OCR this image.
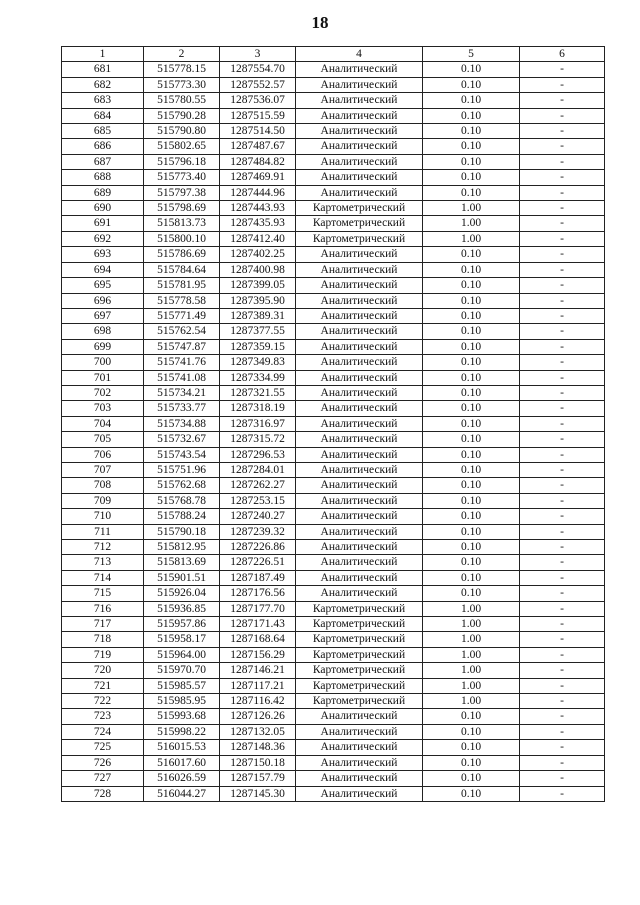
18
1	2	3	4	5	6
681	515778.15	1287554.70	Аналитический	0.10	-
682	515773.30	1287552.57	Аналитический	0.10	-
683	515780.55	1287536.07	Аналитический	0.10	-
684	515790.28	1287515.59	Аналитический	0.10	-
685	515790.80	1287514.50	Аналитический	0.10	-
686	515802.65	1287487.67	Аналитический	0.10	-
687	515796.18	1287484.82	Аналитический	0.10	-
688	515773.40	1287469.91	Аналитический	0.10	-
689	515797.38	1287444.96	Аналитический	0.10	-
690	515798.69	1287443.93	Картометрический	1.00	-
691	515813.73	1287435.93	Картометрический	1.00	-
692	515800.10	1287412.40	Картометрический	1.00	-
693	515786.69	1287402.25	Аналитический	0.10	-
694	515784.64	1287400.98	Аналитический	0.10	-
695	515781.95	1287399.05	Аналитический	0.10	-
696	515778.58	1287395.90	Аналитический	0.10	-
697	515771.49	1287389.31	Аналитический	0.10	-
698	515762.54	1287377.55	Аналитический	0.10	-
699	515747.87	1287359.15	Аналитический	0.10	-
700	515741.76	1287349.83	Аналитический	0.10	-
701	515741.08	1287334.99	Аналитический	0.10	-
702	515734.21	1287321.55	Аналитический	0.10	-
703	515733.77	1287318.19	Аналитический	0.10	-
704	515734.88	1287316.97	Аналитический	0.10	-
705	515732.67	1287315.72	Аналитический	0.10	-
706	515743.54	1287296.53	Аналитический	0.10	-
707	515751.96	1287284.01	Аналитический	0.10	-
708	515762.68	1287262.27	Аналитический	0.10	-
709	515768.78	1287253.15	Аналитический	0.10	-
710	515788.24	1287240.27	Аналитический	0.10	-
711	515790.18	1287239.32	Аналитический	0.10	-
712	515812.95	1287226.86	Аналитический	0.10	-
713	515813.69	1287226.51	Аналитический	0.10	-
714	515901.51	1287187.49	Аналитический	0.10	-
715	515926.04	1287176.56	Аналитический	0.10	-
716	515936.85	1287177.70	Картометрический	1.00	-
717	515957.86	1287171.43	Картометрический	1.00	-
718	515958.17	1287168.64	Картометрический	1.00	-
719	515964.00	1287156.29	Картометрический	1.00	-
720	515970.70	1287146.21	Картометрический	1.00	-
721	515985.57	1287117.21	Картометрический	1.00	-
722	515985.95	1287116.42	Картометрический	1.00	-
723	515993.68	1287126.26	Аналитический	0.10	-
724	515998.22	1287132.05	Аналитический	0.10	-
725	516015.53	1287148.36	Аналитический	0.10	-
726	516017.60	1287150.18	Аналитический	0.10	-
727	516026.59	1287157.79	Аналитический	0.10	-
728	516044.27	1287145.30	Аналитический	0.10	-
